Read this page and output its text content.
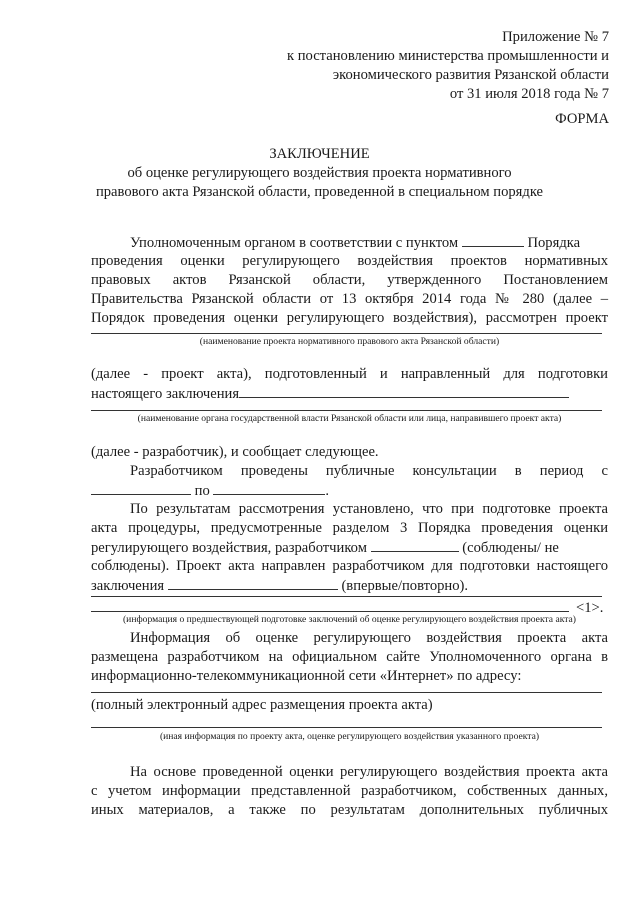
Приложение № 7
к постановлению министерства промышленности и
экономического развития Рязанской области
от 31 июля 2018 года № 7
ФОРМА
ЗАКЛЮЧЕНИЕ
об оценке регулирующего воздействия проекта нормативного
правового акта Рязанской области, проведенной в специальном порядке
Уполномоченным органом в соответствии с пунктом	Порядка
проведения оценки регулирующего воздействия проектов нормативных
правовых актов Рязанской области, утвержденного Постановлением
Правительства Рязанской области от 13 октября 2014 года № 280 (далее –
Порядок проведения оценки регулирующего воздействия), рассмотрен проект
(наименование проекта нормативного правового акта Рязанской области)
(далее - проект акта), подготовленный и направленный для подготовки
настоящего заключения
(наименование органа государственной власти Рязанской области или лица, направившего проект акта)
(далее - разработчик), и сообщает следующее.
Разработчиком проведены публичные консультации в период с
по	.
По результатам рассмотрения установлено, что при подготовке проекта
акта процедуры, предусмотренные разделом 3 Порядка проведения оценки
регулирующего воздействия, разработчиком	(соблюдены/ не
соблюдены). Проект акта направлен разработчиком для подготовки настоящего
заключения	(впервые/повторно).
<1>.
(информация о предшествующей подготовке заключений об оценке регулирующего воздействия проекта акта)
Информация об оценке регулирующего воздействия проекта акта
размещена разработчиком на официальном сайте Уполномоченного органа в
информационно-телекоммуникационной сети «Интернет» по адресу:
(полный электронный адрес размещения проекта акта)
(иная информация по проекту акта, оценке регулирующего воздействия указанного проекта)
На основе проведенной оценки регулирующего воздействия проекта акта
с учетом информации представленной разработчиком, собственных данных,
иных материалов, а также по результатам дополнительных публичных
